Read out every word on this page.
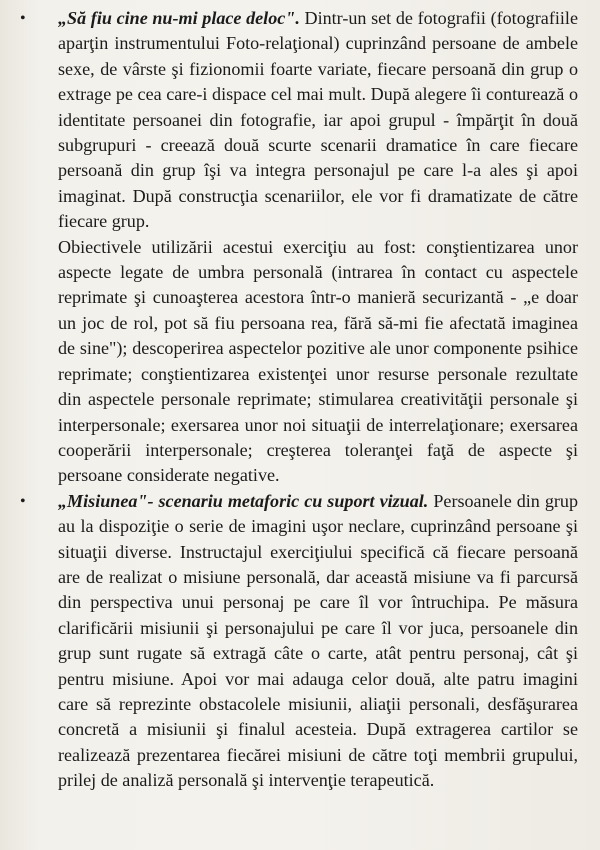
• „Să fiu cine nu-mi place deloc". Dintr-un set de fotografii (fotografiile aparţin instrumentului Foto-relaţional) cuprinzând persoane de ambele sexe, de vârste şi fizionomii foarte variate, fiecare persoană din grup o extrage pe cea care-i dispace cel mai mult. După alegere îi conturează o identitate persoanei din fotografie, iar apoi grupul - împărţit în două subgrupuri - creează două scurte scenarii dramatice în care fiecare persoană din grup îşi va integra personajul pe care l-a ales şi apoi imaginat. După construcţia scenariilor, ele vor fi dramatizate de către fiecare grup.

Obiectivele utilizării acestui exerciţiu au fost: conştientizarea unor aspecte legate de umbra personală (intrarea în contact cu aspectele reprimate şi cunoaşterea acestora într-o manieră securizantă - „e doar un joc de rol, pot să fiu persoana rea, fără să-mi fie afectată imaginea de sine"); descoperirea aspectelor pozitive ale unor componente psihice reprimate; conştientizarea existenţei unor resurse personale rezultate din aspectele personale reprimate; stimularea creativităţii personale şi interpersonale; exersarea unor noi situaţii de interrelaţionare; exersarea cooperării interpersonale; creşterea toleranţei faţă de aspecte şi persoane considerate negative.

• „Misiunea"- scenariu metaforic cu suport vizual. Persoanele din grup au la dispoziţie o serie de imagini uşor neclare, cuprinzând persoane şi situaţii diverse. Instructajul exerciţiului specifică că fiecare persoană are de realizat o misiune personală, dar această misiune va fi parcursă din perspectiva unui personaj pe care îl vor întruchipa. Pe măsura clarificării misiunii şi personajului pe care îl vor juca, persoanele din grup sunt rugate să extragă câte o carte, atât pentru personaj, cât şi pentru misiune. Apoi vor mai adauga celor două, alte patru imagini care să reprezinte obstacolele misiunii, aliaţii personali, desfăşurarea concretă a misiunii şi finalul acesteia. După extragerea cartilor se realizează prezentarea fiecărei misiuni de către toţi membrii grupului, prilej de analiză personală şi intervenţie terapeutică.
